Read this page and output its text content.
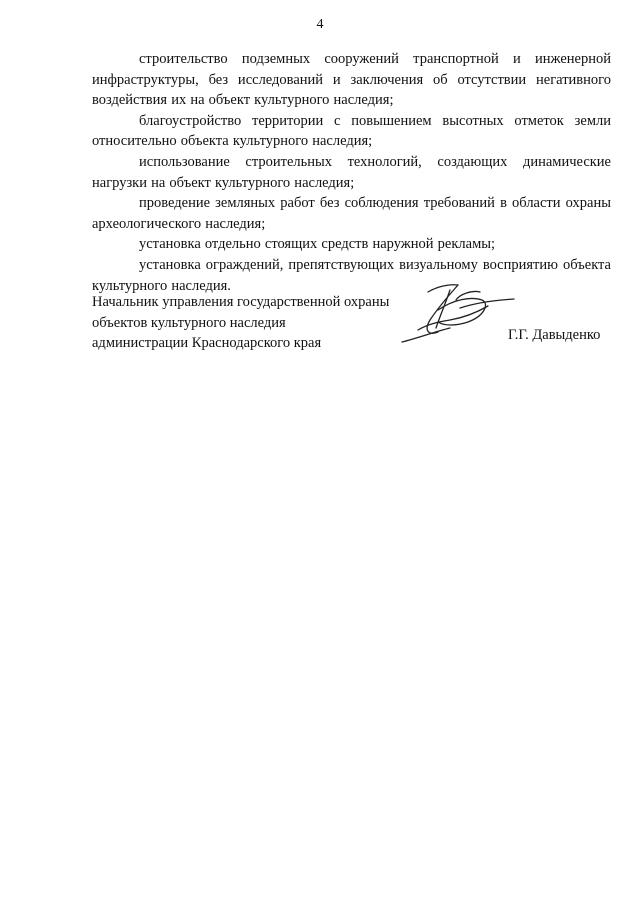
4

строительство подземных сооружений транспортной и инженерной инфраструктуры, без исследований и заключения об отсутствии негативного воздействия их на объект культурного наследия;

благоустройство территории с повышением высотных отметок земли относительно объекта культурного наследия;

использование строительных технологий, создающих динамические нагрузки на объект культурного наследия;

проведение земляных работ без соблюдения требований в области охраны археологического наследия;

установка отдельно стоящих средств наружной рекламы;

установка ограждений, препятствующих визуальному восприятию объекта культурного наследия.

Начальник управления государственной охраны
объектов культурного наследия
администрации Краснодарского края
Г.Г. Давыденко
